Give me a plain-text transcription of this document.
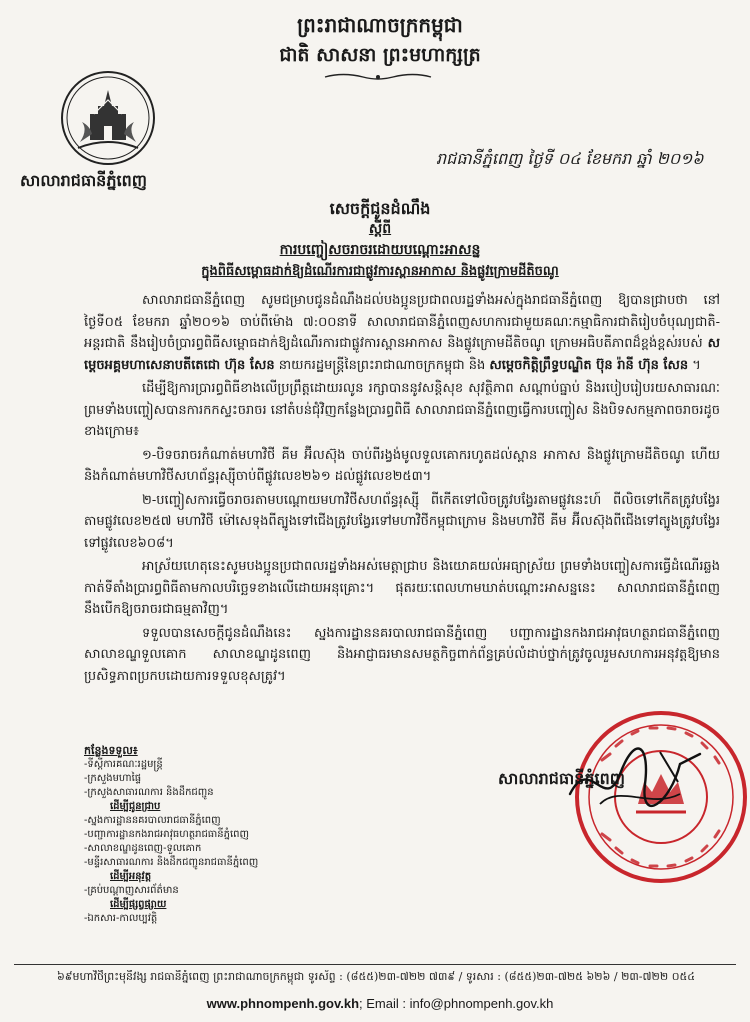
ព្រះរាជាណាចក្រកម្ពុជា
ជាតិ សាសនា ព្រះមហាក្សត្រ
សាលារាជធានីភ្នំពេញ
រាជធានីភ្នំពេញ ថ្ងៃទី ០៤ ខែមករា ឆ្នាំ ២០១៦
សេចក្តីជូនដំណឹង
ស្តីពី
ការបញ្ចៀសចរាចរដោយបណ្តោះអាសន្ន
ក្នុងពិធីសម្ពោធដាក់ឱ្យដំណើរការជាផ្លូវការស្ពានអាកាស និងផ្លូវក្រោមដីតិចណូ

សាលារាជធានីភ្នំពេញ សូមជម្រាបជូនដំណឹងដល់បងប្អូនប្រជាពលរដ្ឋទាំងអស់ក្នុងរាជធានីភ្នំពេញ ឱ្យបានជ្រាបថា នៅថ្ងៃទី០៥ ខែមករា ឆ្នាំ២០១៦ ចាប់ពីម៉ោង ៧:០០នាទី សាលារាជធានីភ្នំពេញសហការជាមួយគណៈកម្មាធិការជាតិរៀបចំបុណ្យជាតិ-អន្តរជាតិ នឹងរៀបចំប្រារព្ធពិធីសម្ពោធដាក់ឱ្យដំណើរការជាផ្លូវការស្ពានអាកាស និងផ្លូវក្រោមដីតិចណូ ក្រោមអធិបតីភាពដ៏ខ្ពង់ខ្ពស់របស់ សម្តេចអគ្គមហាសេនាបតីតេជោ ហ៊ុន សែន នាយករដ្ឋមន្ត្រីនៃព្រះរាជាណាចក្រកម្ពុជា និង សម្តេចកិត្តិព្រឹទ្ធបណ្ឌិត ប៊ុន រ៉ានី ហ៊ុន សែន ។

ដើម្បីឱ្យការប្រារព្ធពិធីខាងលើប្រព្រឹត្តដោយរលូន រក្សាបាននូវសន្តិសុខ សុវត្ថិភាព សណ្តាប់ធ្នាប់ និងរបៀបរៀបរយសាធារណៈ ព្រមទាំងបញ្ចៀសបានការកកស្ទះចរាចរ នៅតំបន់ជុំវិញកន្លែងប្រារព្ធពិធី សាលារាជធានីភ្នំពេញធ្វើការបញ្ចៀស និងបិទសកម្មភាពចរាចរដូចខាងក្រោម៖

១-បិទចរាចរកំណាត់មហាវិថី គីម អ៊ីលស៊ុង ចាប់ពីរង្វង់មូលទួលគោករហូតដល់ស្ពាន អាកាស និងផ្លូវក្រោមដីតិចណូ ហើយនិងកំណាត់មហាវិថីសហព័ន្ធរុស្ស៊ីចាប់ពីផ្លូវលេខ២៦១ ដល់ផ្លូវលេខ២៥៣។

២-បញ្ចៀសការធ្វើចរាចរតាមបណ្តោយមហាវិថីសហព័ន្ធរុស្ស៊ី ពីកើតទៅលិចត្រូវបង្វែរតាមផ្លូវនេះហ៍ ពីលិចទៅកើតត្រូវបង្វែរតាមផ្លូវលេខ២៥៧ មហាវិថី ម៉ៅសេទុងពីត្បូងទៅជើងត្រូវបង្វែរទៅមហាវិថីកម្ពុជាក្រោម និងមហាវិថី គីម អ៊ីលស៊ុងពីជើងទៅត្បូងត្រូវបង្វែរទៅផ្លូវលេខ៦០៨។

អាស្រ័យហេតុនេះសូមបងប្អូនប្រជាពលរដ្ឋទាំងអស់មេត្តាជ្រាប និងយោគយល់អធ្យាស្រ័យ ព្រមទាំងបញ្ចៀសការធ្វើដំណើរឆ្លងកាត់ទីតាំងប្រារព្ធពិធីតាមកាលបរិច្ឆេទខាងលើដោយអនុគ្រោះ។ ផុតរយៈពេលហាមឃាត់បណ្តោះអាសន្ននេះ សាលារាជធានីភ្នំពេញនឹងបើកឱ្យចរាចរជាធម្មតាវិញ។

ទទួលបានសេចក្តីជូនដំណឹងនេះ ស្នងការដ្ឋាននគរបាលរាជធានីភ្នំពេញ បញ្ជាការដ្ឋានកងរាជអាវុធហត្ថរាជធានីភ្នំពេញ សាលាខណ្ឌទួលគោក សាលាខណ្ឌដូនពេញ និងអាជ្ញាធរមានសមត្ថកិច្ចពាក់ព័ន្ធគ្រប់លំដាប់ថ្នាក់ត្រូវចូលរួមសហការអនុវត្តឱ្យមានប្រសិទ្ធភាពប្រកបដោយការទទួលខុសត្រូវ។

កន្លែងទទួល៖
-ទីស្តីការគណៈរដ្ឋមន្ត្រី
-ក្រសួងមហាផ្ទៃ
-ក្រសួងសាធារណការ និងដឹកជញ្ជូន
ដើម្បីជូនជ្រាប
-ស្នងការដ្ឋាននគរបាលរាជធានីភ្នំពេញ
-បញ្ជាការដ្ឋានកងរាជអាវុធហត្ថរាជធានីភ្នំពេញ
-សាលាខណ្ឌដូនពេញ-ទួលគោក
-មន្ទីរសាធារណការ និងដឹកជញ្ជូនរាជធានីភ្នំពេញ
ដើម្បីអនុវត្ត
-គ្រប់បណ្តាញសារព័ត៌មាន
ដើម្បីផ្សព្វផ្សាយ
-ឯកសារ-កាលប្បវត្តិ
សាលារាជធានីភ្នំពេញ
៦៩មហាវិថីព្រះមុនីវង្ស រាជធានីភ្នំពេញ ព្រះរាជាណាចក្រកម្ពុជា ទូរស័ព្ទ : (៨៥៥)២៣-៧២២ ៧៣៩ / ទូរសារ : (៨៥៥)២៣-៧២៥ ៦២៦ / ២៣-៧២២ ០៥៤
www.phnompenh.gov.kh; Email : info@phnompenh.gov.kh
